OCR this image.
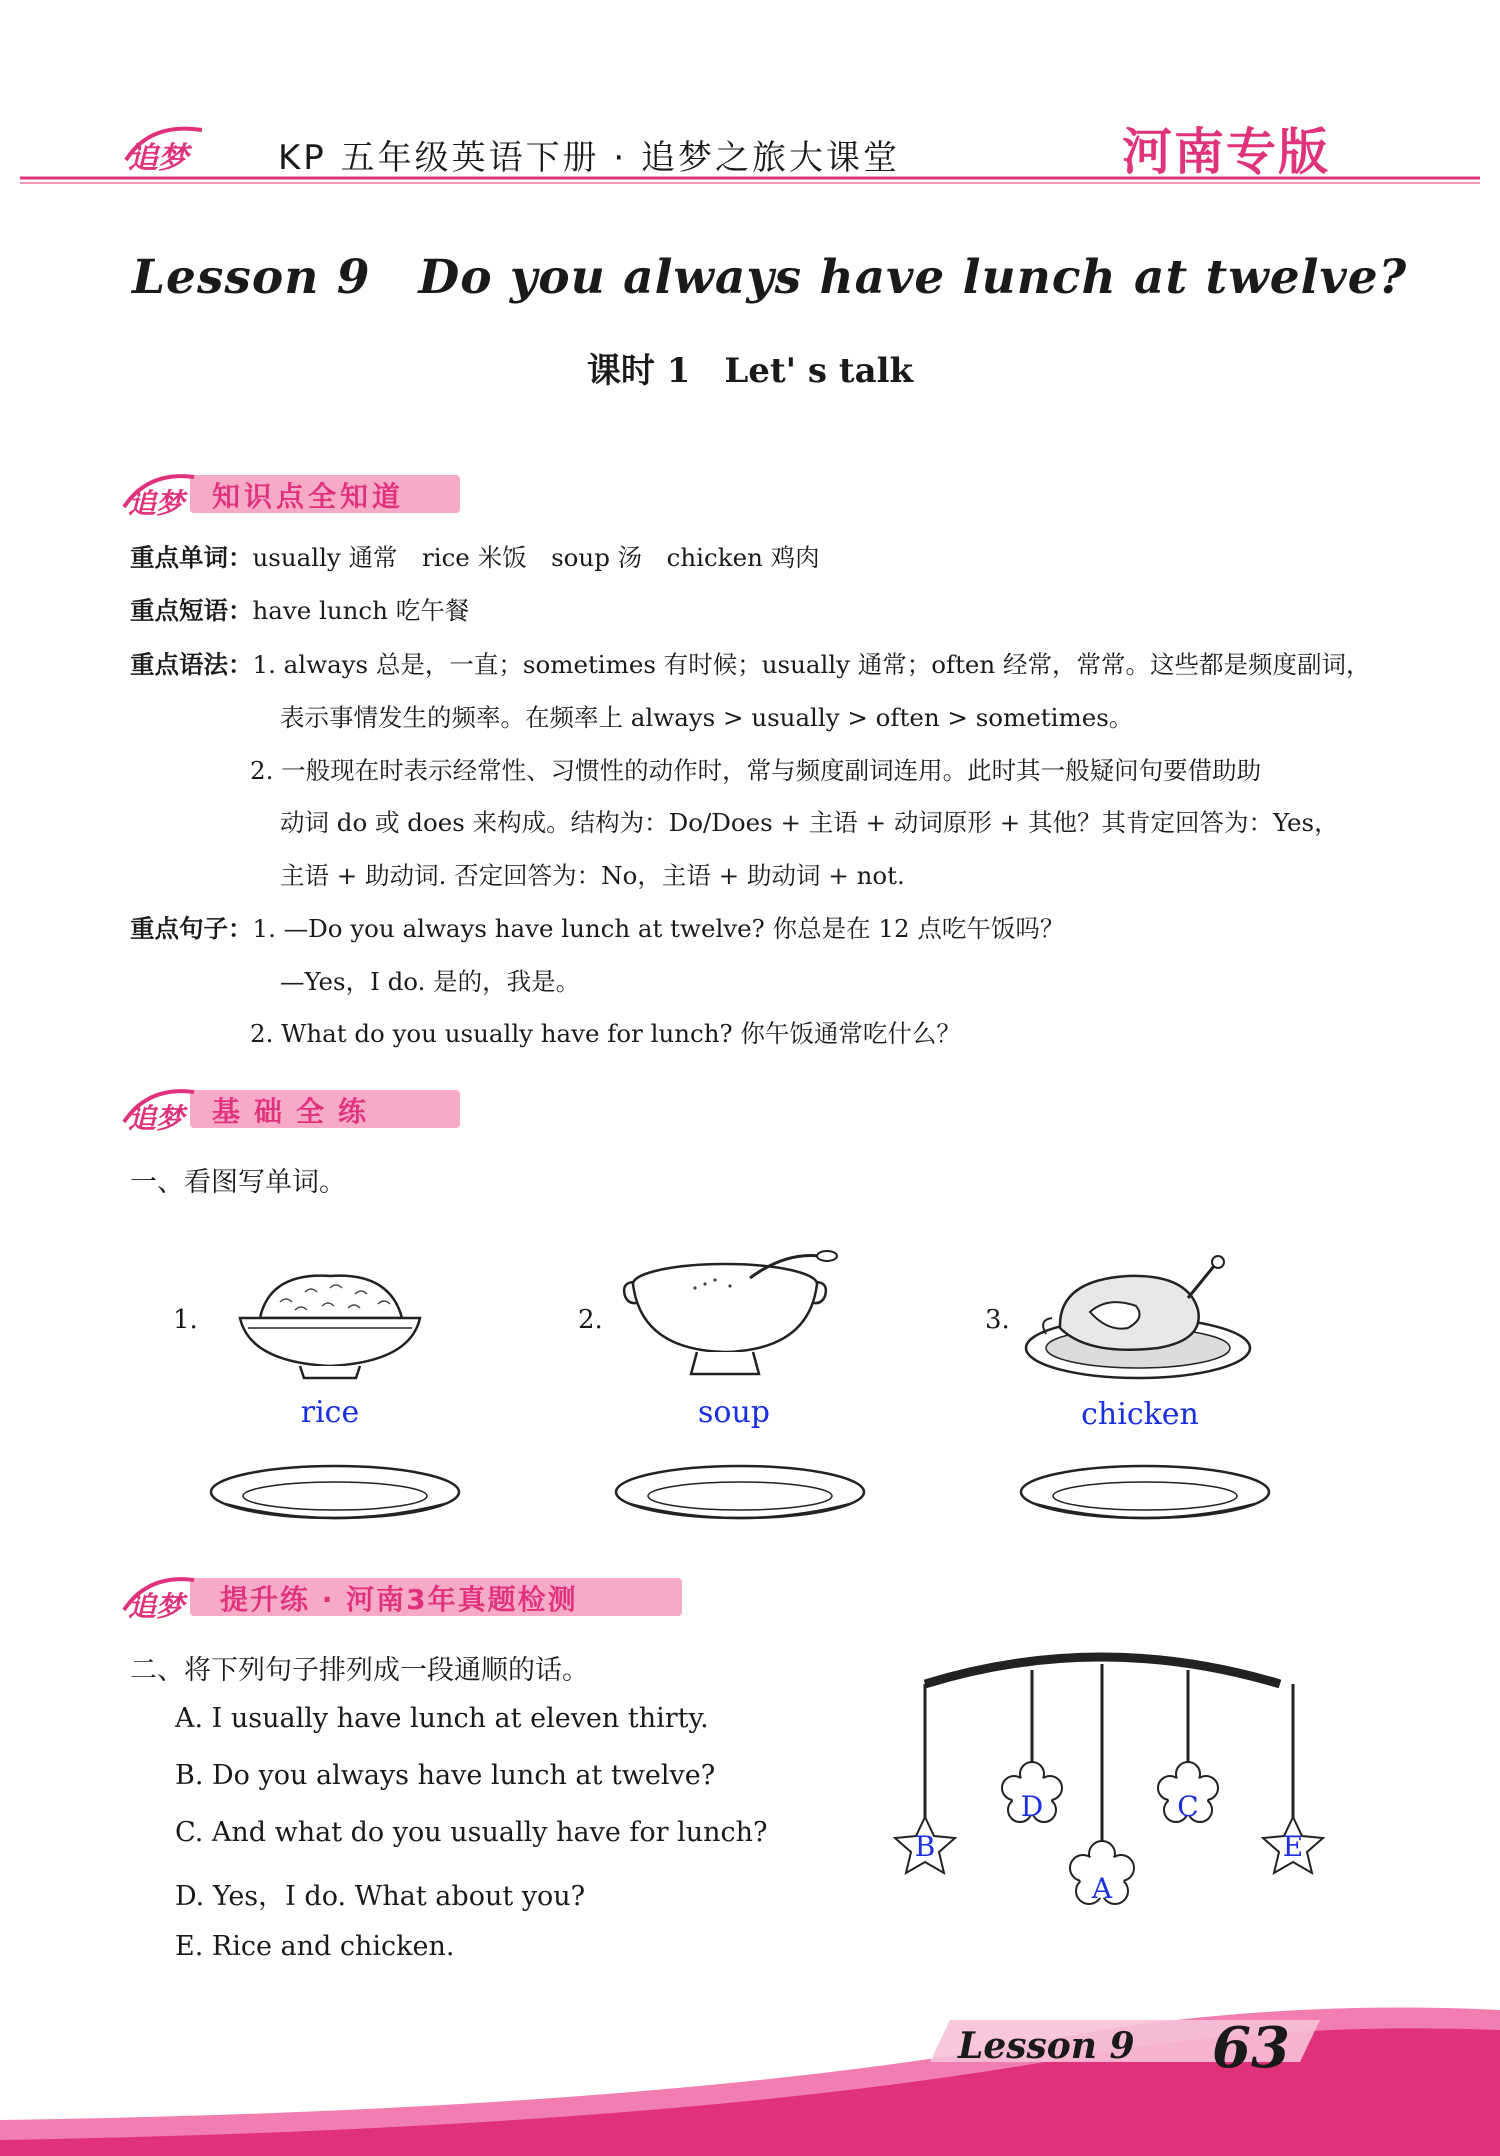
追梦	KP 五年级英语下册 · 追梦之旅大课堂	河南专版
Lesson 9　Do you always have lunch at twelve?
课时 1　Let' s talk
追梦 知识点全知道
重点单词：usually 通常　rice 米饭　soup 汤　chicken 鸡肉
重点短语：have lunch 吃午餐
重点语法：1. always 总是，一直；sometimes 有时候；usually 通常；often 经常，常常。这些都是频度副词，
表示事情发生的频率。在频率上 always > usually > often > sometimes。
2. 一般现在时表示经常性、习惯性的动作时，常与频度副词连用。此时其一般疑问句要借助助
动词 do 或 does 来构成。结构为：Do/Does + 主语 + 动词原形 + 其他？其肯定回答为：Yes，
主语 + 助动词. 否定回答为：No，主语 + 助动词 + not.
重点句子：1. —Do you always have lunch at twelve? 你总是在 12 点吃午饭吗？
—Yes，I do. 是的，我是。
2. What do you usually have for lunch? 你午饭通常吃什么？
追梦 基础全练
一、看图写单词。
1.
rice
2.
soup
3.
chicken
追梦 提升练 · 河南3年真题检测
二、将下列句子排列成一段通顺的话。
A. I usually have lunch at eleven thirty.
B. Do you always have lunch at twelve?
C. And what do you usually have for lunch?
D. Yes，I do. What about you?
E. Rice and chicken.
B
D
A
C
E
Lesson 9 63
